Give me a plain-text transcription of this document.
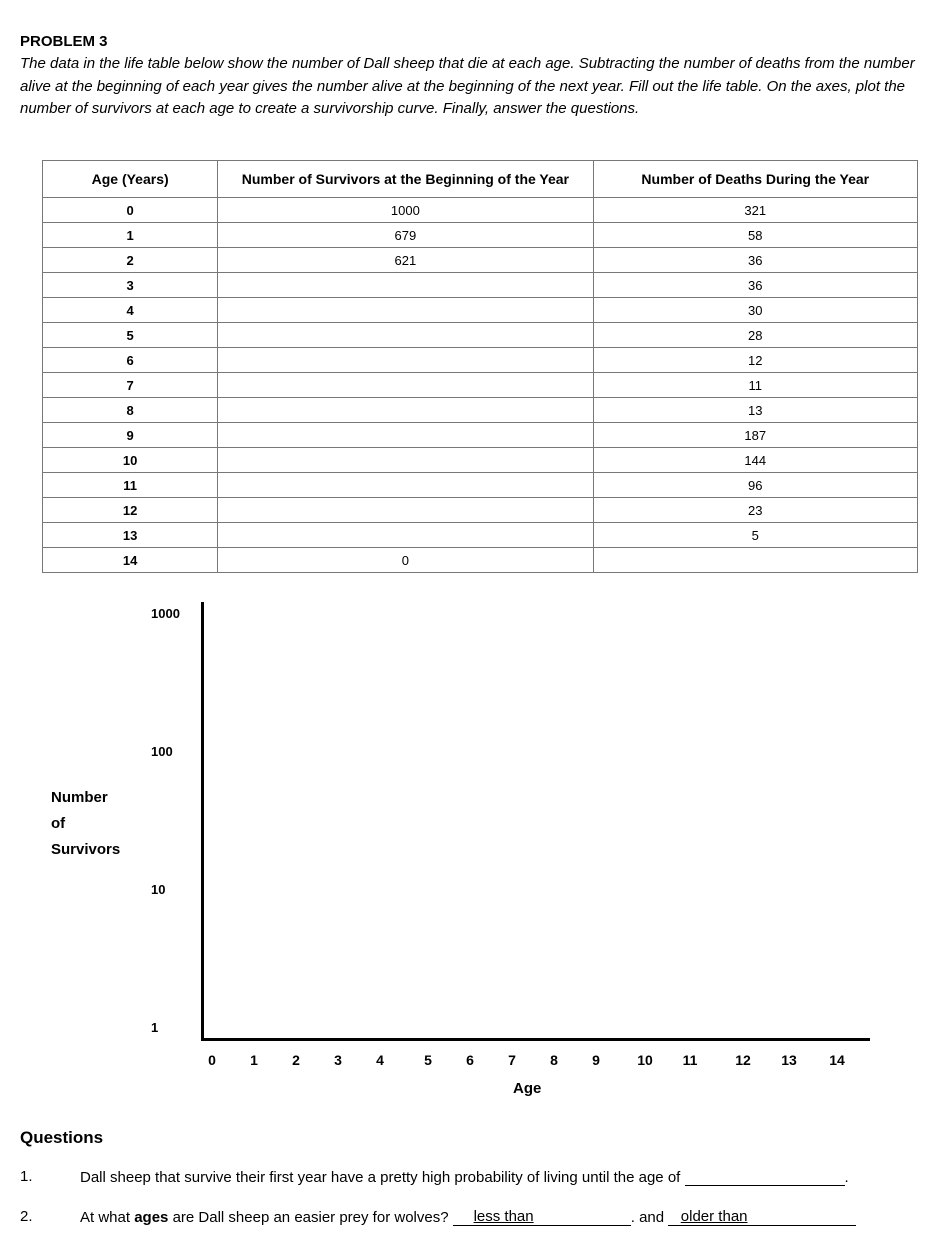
PROBLEM 3
The data in the life table below show the number of Dall sheep that die at each age. Subtracting the number of deaths from the number alive at the beginning of each year gives the number alive at the beginning of the next year. Fill out the life table. On the axes, plot the number of survivors at each age to create a survivorship curve. Finally, answer the questions.
Age (Years)	Number of Survivors at the Beginning of the Year	Number of Deaths During the Year
0	1000	321
1	679	58
2	621	36
3		36
4		30
5		28
6		12
7		11
8		13
9		187
10		144
11		96
12		23
13		5
14	0	
1000
100
10
1
Number
of
Survivors
0 1 2 3 4	5 6 7 8 9	10 11	12 13 14
Age
Questions
1.	Dall sheep that survive their first year have a pretty high probability of living until the age of	.
2.	At what ages are Dall sheep an easier prey for wolves? less than	. and    older than
